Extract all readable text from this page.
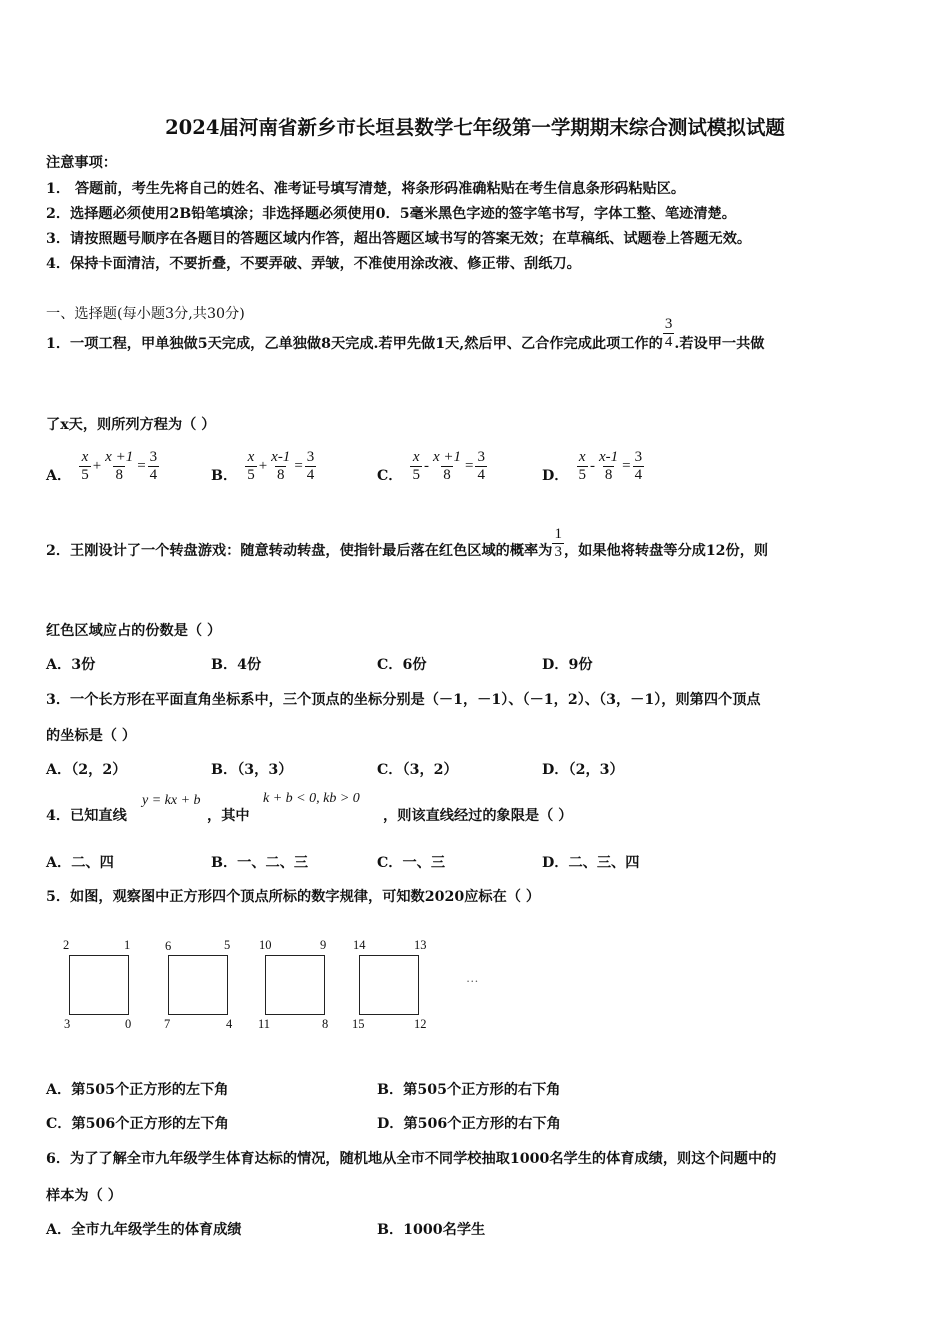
2024届河南省新乡市长垣县数学七年级第一学期期末综合测试模拟试题
注意事项：
1． 答题前，考生先将自己的姓名、准考证号填写清楚，将条形码准确粘贴在考生信息条形码粘贴区。
2．选择题必须使用2B铅笔填涂；非选择题必须使用0．5毫米黑色字迹的签字笔书写，字体工整、笔迹清楚。
3．请按照题号顺序在各题目的答题区域内作答，超出答题区域书写的答案无效；在草稿纸、试题卷上答题无效。
4．保持卡面清洁，不要折叠，不要弄破、弄皱，不准使用涂改液、修正带、刮纸刀。
一、选择题(每小题3分,共30分)
1．一项工程，甲单独做5天完成，乙单独做8天完成.若甲先做1天,然后甲、乙合作完成此项工作的 $\frac{3}{4}$ .若设甲一共做
了x天，则所列方程为（ ）
A． $\frac{x}{5} + \frac{x +1}{8} = \frac{3}{4}$	B． $\frac{x}{5} + \frac{x-1}{8} = \frac{3}{4}$	C． $\frac{x}{5} - \frac{x +1}{8} = \frac{3}{4}$	D． $\frac{x}{5} - \frac{x-1}{8} = \frac{3}{4}$
2．王刚设计了一个转盘游戏：随意转动转盘，使指针最后落在红色区域的概率为 $\frac{1}{3}$ ，如果他将转盘等分成12份，则
红色区域应占的份数是（ ）
A．3份	B．4份	C．6份	D．9份
3．一个长方形在平面直角坐标系中，三个顶点的坐标分别是（－1，－1）、（－1，2）、（3，－1），则第四个顶点
的坐标是（ ）
A．（2，2）	B．（3，3）	C．（3，2）	D．（2，3）
4．已知直线
y = kx + b
，其中
k + b < 0, kb > 0
，则该直线经过的象限是（ ）
A．二、四	B．一、二、三	C．一、三	D．二、三、四
5．如图，观察图中正方形四个顶点所标的数字规律，可知数2020应标在（ ）
2	1
3	0
6	5
7	4
10	9
11	8
14	13
15	12
…
A．第505个正方形的左下角	B．第505个正方形的右下角
C．第506个正方形的左下角	D．第506个正方形的右下角
6．为了了解全市九年级学生体育达标的情况，随机地从全市不同学校抽取1000名学生的体育成绩，则这个问题中的
样本为（ ）
A．全市九年级学生的体育成绩	B．1000名学生
